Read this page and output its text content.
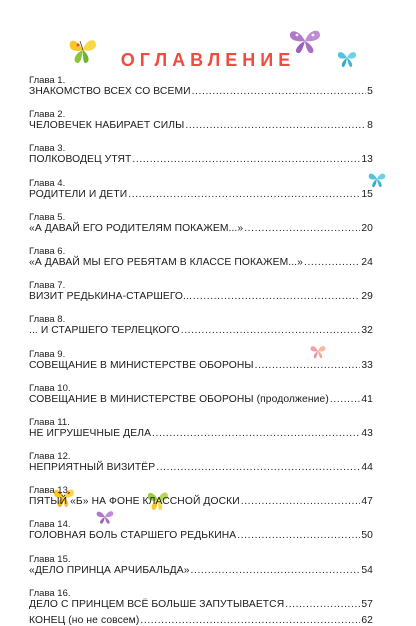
ОГЛАВЛЕНИЕ
Глава 1.
ЗНАКОМСТВО ВСЕХ СО ВСЕМИ .....	5
Глава 2.
ЧЕЛОВЕЧЕК НАБИРАЕТ СИЛЫ .....	8
Глава 3.
ПОЛКОВОДЕЦ УТЯТ .....	13
Глава 4.
РОДИТЕЛИ И ДЕТИ .....	15
Глава 5.
«А ДАВАЙ ЕГО РОДИТЕЛЯМ ПОКАЖЕМ...» .....	20
Глава 6.
«А ДАВАЙ МЫ ЕГО РЕБЯТАМ В КЛАССЕ ПОКАЖЕМ...» .....	24
Глава 7.
ВИЗИТ РЕДЬКИНА-СТАРШЕГО... .....	29
Глава 8.
... И СТАРШЕГО ТЕРЛЕЦКОГО .....	32
Глава 9.
СОВЕЩАНИЕ В МИНИСТЕРСТВЕ ОБОРОНЫ .....	33
Глава 10.
СОВЕЩАНИЕ В МИНИСТЕРСТВЕ ОБОРОНЫ (продолжение) .....	41
Глава 11.
НЕ ИГРУШЕЧНЫЕ ДЕЛА .....	43
Глава 12.
НЕПРИЯТНЫЙ ВИЗИТЁР .....	44
Глава 13.
ПЯТЫЙ «Б» НА ФОНЕ КЛАССНОЙ ДОСКИ .....	47
Глава 14.
ГОЛОВНАЯ БОЛЬ СТАРШЕГО РЕДЬКИНА .....	50
Глава 15.
«ДЕЛО ПРИНЦА АРЧИБАЛЬДА» .....	54
Глава 16.
ДЕЛО С ПРИНЦЕМ ВСЁ БОЛЬШЕ ЗАПУТЫВАЕТСЯ .....	57
КОНЕЦ (но не совсем) .....	62
